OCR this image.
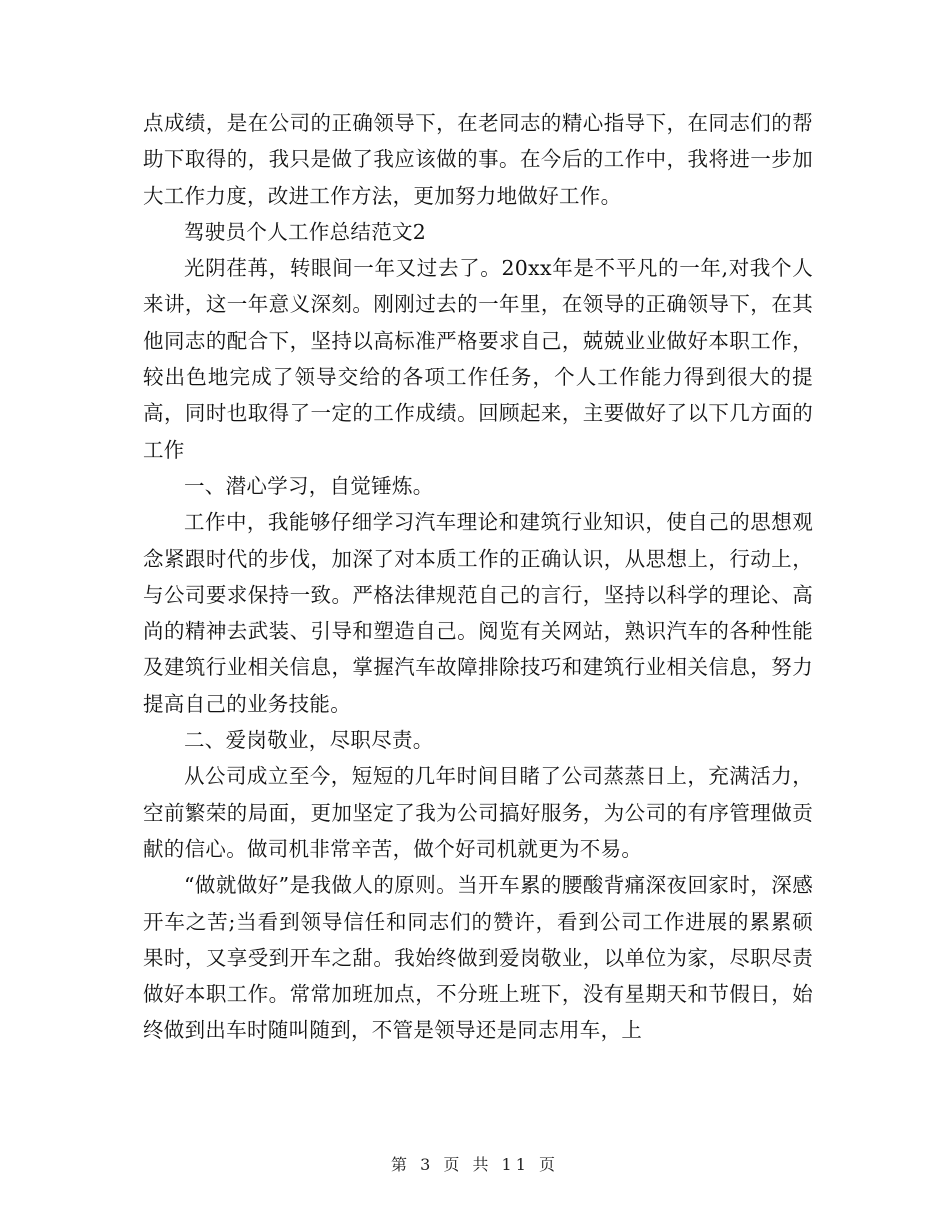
点成绩，是在公司的正确领导下，在老同志的精心指导下，在同志们的帮助下取得的，我只是做了我应该做的事。在今后的工作中，我将进一步加大工作力度，改进工作方法，更加努力地做好工作。

驾驶员个人工作总结范文2

光阴荏苒，转眼间一年又过去了。20xx年是不平凡的一年,对我个人来讲，这一年意义深刻。刚刚过去的一年里，在领导的正确领导下，在其他同志的配合下，坚持以高标准严格要求自己，兢兢业业做好本职工作，较出色地完成了领导交给的各项工作任务，个人工作能力得到很大的提高，同时也取得了一定的工作成绩。回顾起来，主要做好了以下几方面的工作

一、潜心学习，自觉锤炼。

工作中，我能够仔细学习汽车理论和建筑行业知识，使自己的思想观念紧跟时代的步伐，加深了对本质工作的正确认识，从思想上，行动上，与公司要求保持一致。严格法律规范自己的言行，坚持以科学的理论、高尚的精神去武装、引导和塑造自己。阅览有关网站，熟识汽车的各种性能及建筑行业相关信息，掌握汽车故障排除技巧和建筑行业相关信息，努力提高自己的业务技能。

二、爱岗敬业，尽职尽责。

从公司成立至今，短短的几年时间目睹了公司蒸蒸日上，充满活力，空前繁荣的局面，更加坚定了我为公司搞好服务，为公司的有序管理做贡献的信心。做司机非常辛苦，做个好司机就更为不易。

“做就做好”是我做人的原则。当开车累的腰酸背痛深夜回家时，深感开车之苦;当看到领导信任和同志们的赞许，看到公司工作进展的累累硕果时，又享受到开车之甜。我始终做到爱岗敬业，以单位为家，尽职尽责做好本职工作。常常加班加点，不分班上班下，没有星期天和节假日，始终做到出车时随叫随到，不管是领导还是同志用车，上

第 3 页 共 11 页
